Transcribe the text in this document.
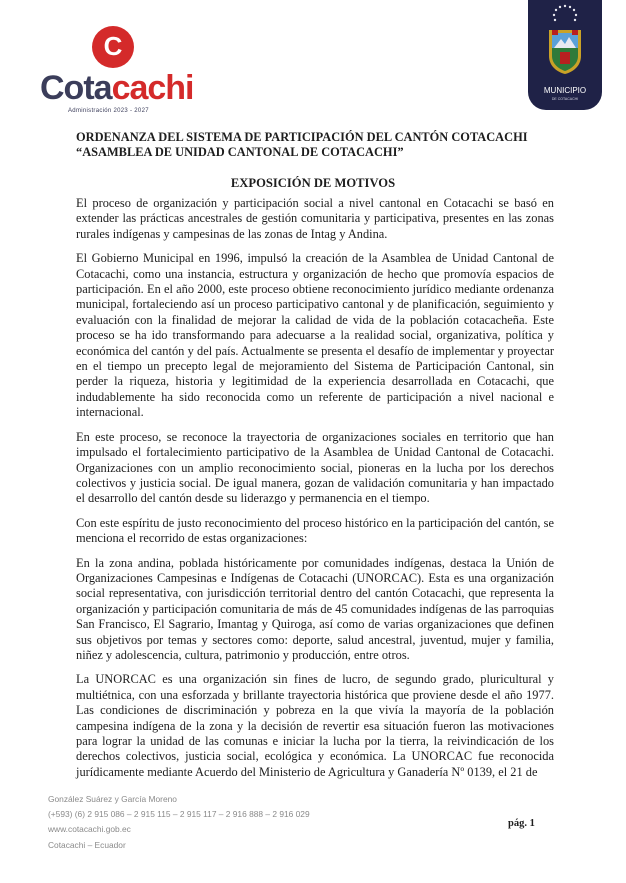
C
Cotacachi
Administración 2023 - 2027
MUNICIPIO
DE COTACACHI
ORDENANZA DEL SISTEMA DE PARTICIPACIÓN DEL CANTÓN COTACACHI
“ASAMBLEA DE UNIDAD CANTONAL DE COTACACHI”
EXPOSICIÓN DE MOTIVOS

El proceso de organización y participación social a nivel cantonal en Cotacachi se basó en extender las prácticas ancestrales de gestión comunitaria y participativa, presentes en las zonas rurales indígenas y campesinas de las zonas de Intag y Andina.

El Gobierno Municipal en 1996, impulsó la creación de la Asamblea de Unidad Cantonal de Cotacachi, como una instancia, estructura y organización de hecho que promovía espacios de participación. En el año 2000, este proceso obtiene reconocimiento jurídico mediante ordenanza municipal, fortaleciendo así un proceso participativo cantonal y de planificación, seguimiento y evaluación con la finalidad de mejorar la calidad de vida de la población cotacacheña. Este proceso se ha ido transformando para adecuarse a la realidad social, organizativa, política y económica del cantón y del país. Actualmente se presenta el desafío de implementar y proyectar en el tiempo un precepto legal de mejoramiento del Sistema de Participación Cantonal, sin perder la riqueza, historia y legitimidad de la experiencia desarrollada en Cotacachi, que indudablemente ha sido reconocida como un referente de participación a nivel nacional e internacional.

En este proceso, se reconoce la trayectoria de organizaciones sociales en territorio que han impulsado el fortalecimiento participativo de la Asamblea de Unidad Cantonal de Cotacachi. Organizaciones con un amplio reconocimiento social, pioneras en la lucha por los derechos colectivos y justicia social. De igual manera, gozan de validación comunitaria y han impactado el desarrollo del cantón desde su liderazgo y permanencia en el tiempo.

Con este espíritu de justo reconocimiento del proceso histórico en la participación del cantón, se menciona el recorrido de estas organizaciones:

En la zona andina, poblada históricamente por comunidades indígenas, destaca la Unión de Organizaciones Campesinas e Indígenas de Cotacachi (UNORCAC). Esta es una organización social representativa, con jurisdicción territorial dentro del cantón Cotacachi, que representa la organización y participación comunitaria de más de 45 comunidades indígenas de las parroquias San Francisco, El Sagrario, Imantag y Quiroga, así como de varias organizaciones que definen sus objetivos por temas y sectores como: deporte, salud ancestral, juventud, mujer y familia, niñez y adolescencia, cultura, patrimonio y producción, entre otros.

La UNORCAC es una organización sin fines de lucro, de segundo grado, pluricultural y multiétnica, con una esforzada y brillante trayectoria histórica que proviene desde el año 1977. Las condiciones de discriminación y pobreza en la que vivía la mayoría de la población campesina indígena de la zona y la decisión de revertir esa situación fueron las motivaciones para lograr la unidad de las comunas e iniciar la lucha por la tierra, la reivindicación de los derechos colectivos, justicia social, ecológica y económica. La UNORCAC fue reconocida jurídicamente mediante Acuerdo del Ministerio de Agricultura y Ganadería Nº 0139, el 21 de

González Suárez y García Moreno
(+593) (6) 2 915 086 – 2 915 115 – 2 915 117 – 2 916 888 – 2 916 029
www.cotacachi.gob.ec
Cotacachi – Ecuador
pág. 1
